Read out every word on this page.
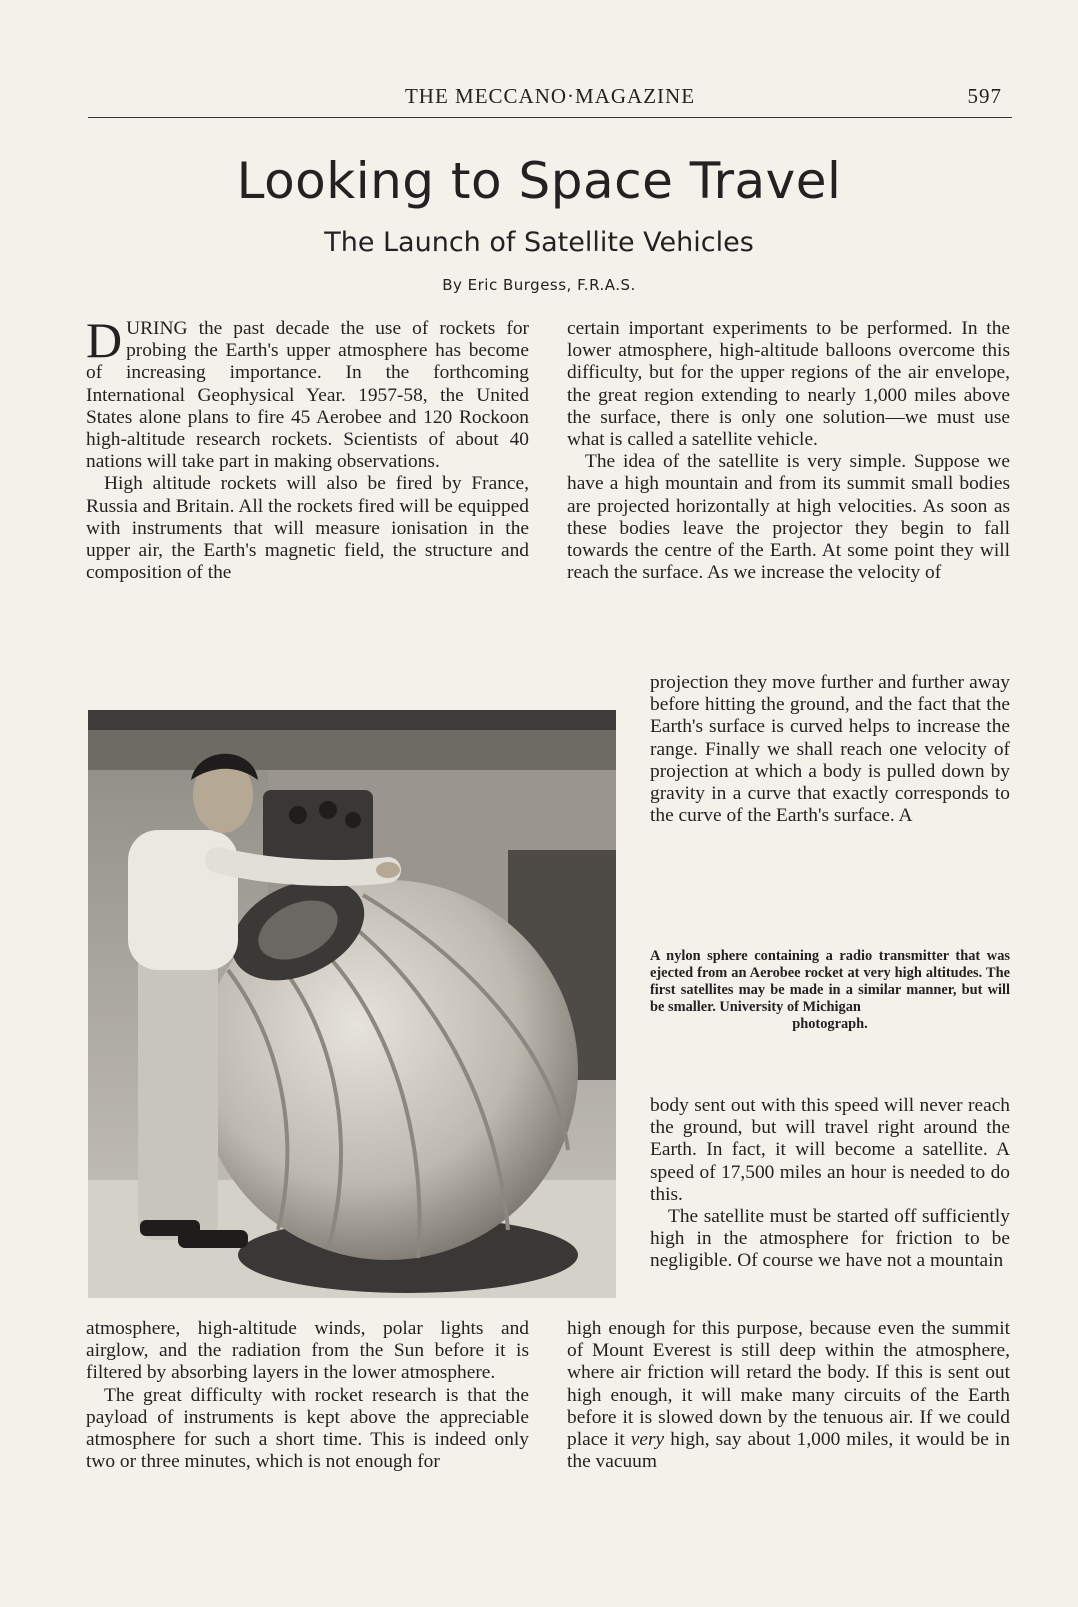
THE MECCANO·MAGAZINE	597
Looking to Space Travel
The Launch of Satellite Vehicles
By Eric Burgess, F.R.A.S.

DURING the past decade the use of rockets for probing the Earth's upper atmosphere has become of increasing importance. In the forthcoming International Geophysical Year. 1957-58, the United States alone plans to fire 45 Aerobee and 120 Rockoon high-altitude research rockets. Scientists of about 40 nations will take part in making observations.

High altitude rockets will also be fired by France, Russia and Britain. All the rockets fired will be equipped with instruments that will measure ionisation in the upper air, the Earth's magnetic field, the structure and composition of the

atmosphere, high-altitude winds, polar lights and airglow, and the radiation from the Sun before it is filtered by absorbing layers in the lower atmosphere.

The great difficulty with rocket research is that the payload of instruments is kept above the appreciable atmosphere for such a short time. This is indeed only two or three minutes, which is not enough for

certain important experiments to be performed. In the lower atmosphere, high-altitude balloons overcome this difficulty, but for the upper regions of the air envelope, the great region extending to nearly 1,000 miles above the surface, there is only one solution—we must use what is called a satellite vehicle.

The idea of the satellite is very simple. Suppose we have a high mountain and from its summit small bodies are projected horizontally at high velocities. As soon as these bodies leave the projector they begin to fall towards the centre of the Earth. At some point they will reach the surface. As we increase the velocity of

projection they move further and further away before hitting the ground, and the fact that the Earth's surface is curved helps to increase the range. Finally we shall reach one velocity of projection at which a body is pulled down by gravity in a curve that exactly corresponds to the curve of the Earth's surface. A

A nylon sphere containing a radio transmitter that was ejected from an Aerobee rocket at very high altitudes. The first satellites may be made in a similar manner, but will be smaller. University of Michigan
photograph.

body sent out with this speed will never reach the ground, but will travel right around the Earth. In fact, it will become a satellite. A speed of 17,500 miles an hour is needed to do this.

The satellite must be started off sufficiently high in the atmosphere for friction to be negligible. Of course we have not a mountain

high enough for this purpose, because even the summit of Mount Everest is still deep within the atmosphere, where air friction will retard the body. If this is sent out high enough, it will make many circuits of the Earth before it is slowed down by the tenuous air. If we could place it very high, say about 1,000 miles, it would be in the vacuum
